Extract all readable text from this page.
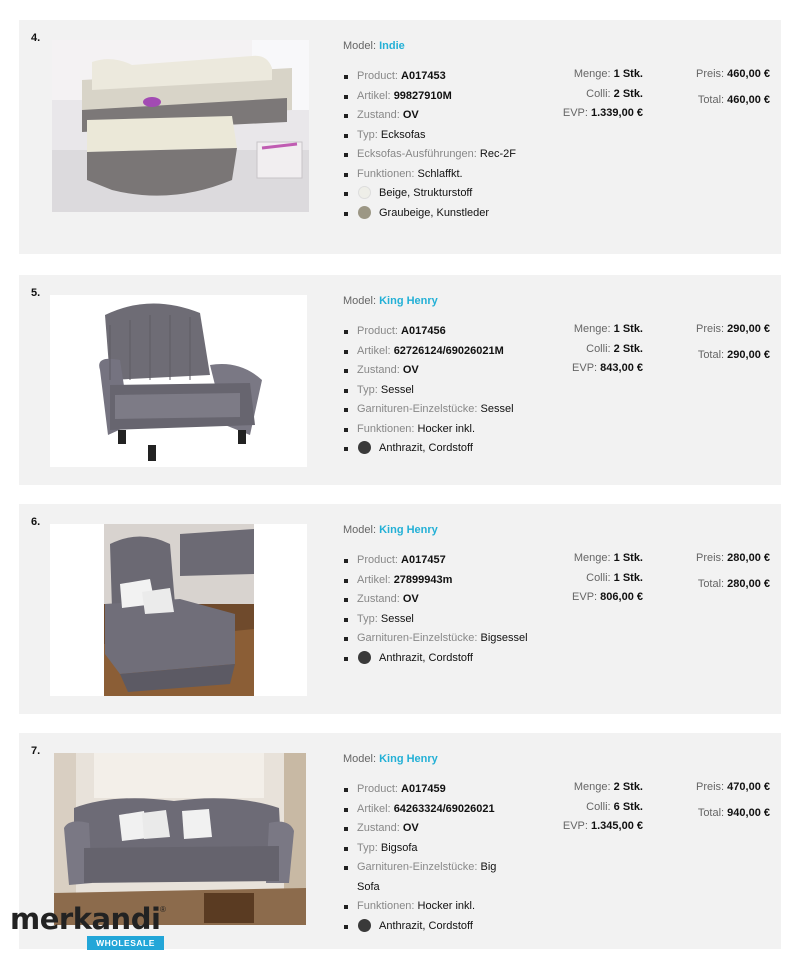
4.
Model: Indie
Product: A017453
Artikel: 99827910M
Zustand: OV
Typ: Ecksofas
Ecksofas-Ausführungen: Rec-2F
Funktionen: Schlaffkt.
Beige, Strukturstoff
Graubeige, Kunstleder
Menge: 1 Stk.
Colli: 2 Stk.
EVP: 1.339,00 €
Preis: 460,00 €
Total: 460,00 €
5.
Model: King Henry
Product: A017456
Artikel: 62726124/69026021M
Zustand: OV
Typ: Sessel
Garnituren-Einzelstücke: Sessel
Funktionen: Hocker inkl.
Anthrazit, Cordstoff
Menge: 1 Stk.
Colli: 2 Stk.
EVP: 843,00 €
Preis: 290,00 €
Total: 290,00 €
6.
Model: King Henry
Product: A017457
Artikel: 27899943m
Zustand: OV
Typ: Sessel
Garnituren-Einzelstücke: Bigsessel
Anthrazit, Cordstoff
Menge: 1 Stk.
Colli: 1 Stk.
EVP: 806,00 €
Preis: 280,00 €
Total: 280,00 €
7.
Model: King Henry
Product: A017459
Artikel: 64263324/69026021
Zustand: OV
Typ: Bigsofa
Garnituren-Einzelstücke: Big Sofa
Funktionen: Hocker inkl.
Anthrazit, Cordstoff
Menge: 2 Stk.
Colli: 6 Stk.
EVP: 1.345,00 €
Preis: 470,00 €
Total: 940,00 €
merkandi ®
WHOLESALE
